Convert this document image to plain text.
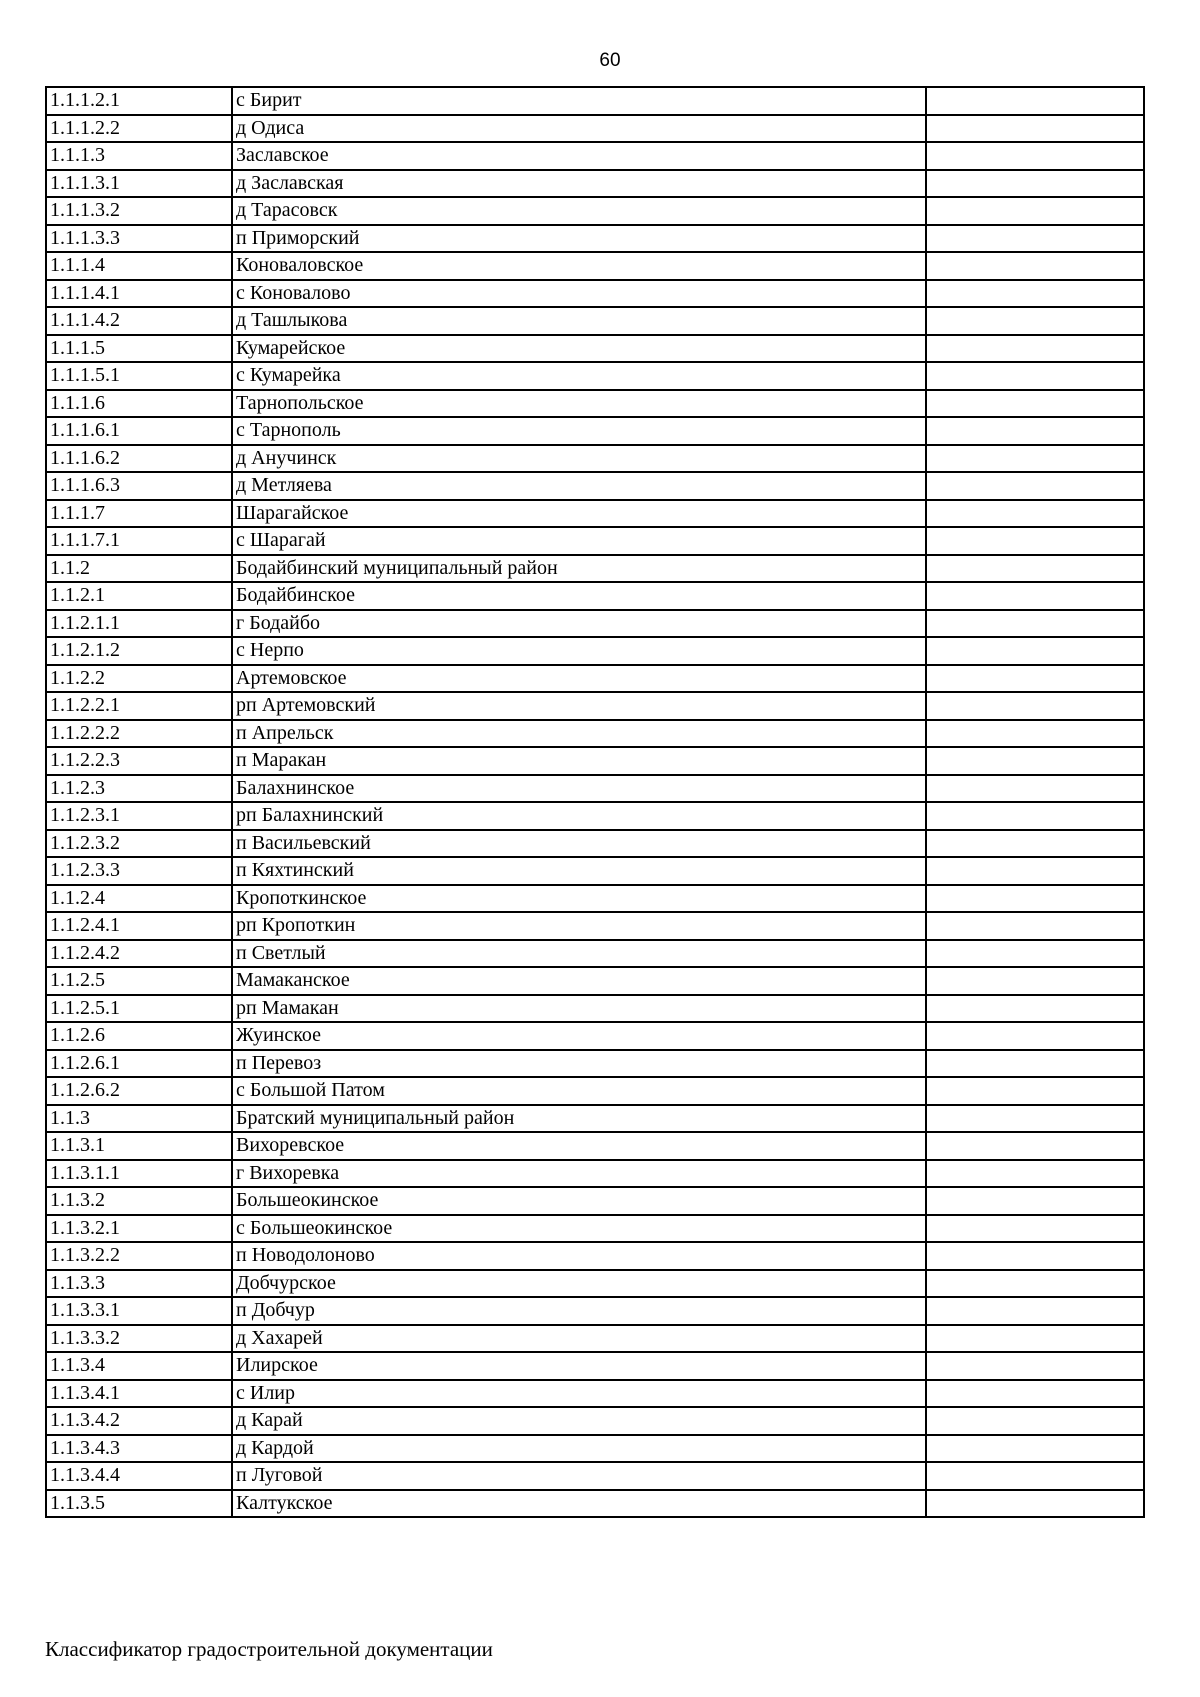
60
1.1.1.2.1	с Бирит	
1.1.1.2.2	д Одиса	
1.1.1.3	Заславское	
1.1.1.3.1	д Заславская	
1.1.1.3.2	д Тарасовск	
1.1.1.3.3	п Приморский	
1.1.1.4	Коноваловское	
1.1.1.4.1	с Коновалово	
1.1.1.4.2	д Ташлыкова	
1.1.1.5	Кумарейское	
1.1.1.5.1	с Кумарейка	
1.1.1.6	Тарнопольское	
1.1.1.6.1	с Тарнополь	
1.1.1.6.2	д Анучинск	
1.1.1.6.3	д Метляева	
1.1.1.7	Шарагайское	
1.1.1.7.1	с Шарагай	
1.1.2	Бодайбинский муниципальный район	
1.1.2.1	Бодайбинское	
1.1.2.1.1	г Бодайбо	
1.1.2.1.2	с Нерпо	
1.1.2.2	Артемовское	
1.1.2.2.1	рп Артемовский	
1.1.2.2.2	п Апрельск	
1.1.2.2.3	п Маракан	
1.1.2.3	Балахнинское	
1.1.2.3.1	рп Балахнинский	
1.1.2.3.2	п Васильевский	
1.1.2.3.3	п Кяхтинский	
1.1.2.4	Кропоткинское	
1.1.2.4.1	рп Кропоткин	
1.1.2.4.2	п Светлый	
1.1.2.5	Мамаканское	
1.1.2.5.1	рп Мамакан	
1.1.2.6	Жуинское	
1.1.2.6.1	п Перевоз	
1.1.2.6.2	с Большой Патом	
1.1.3	Братский муниципальный район	
1.1.3.1	Вихоревское	
1.1.3.1.1	г Вихоревка	
1.1.3.2	Большеокинское	
1.1.3.2.1	с Большеокинское	
1.1.3.2.2	п Новодолоново	
1.1.3.3	Добчурское	
1.1.3.3.1	п Добчур	
1.1.3.3.2	д Хахарей	
1.1.3.4	Илирское	
1.1.3.4.1	с Илир	
1.1.3.4.2	д Карай	
1.1.3.4.3	д Кардой	
1.1.3.4.4	п Луговой	
1.1.3.5	Калтукское	
Классификатор градостроительной документации
